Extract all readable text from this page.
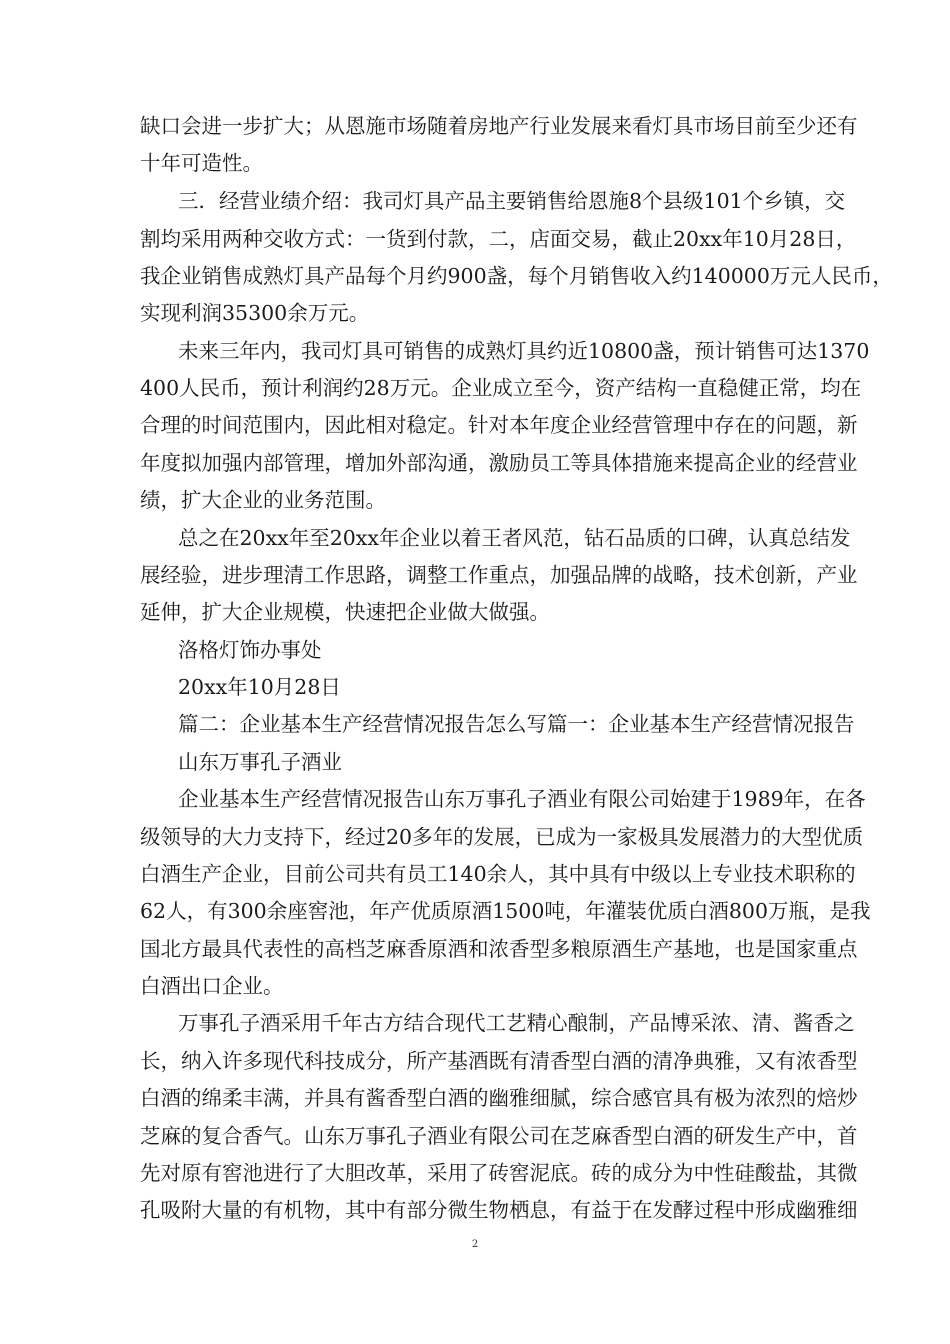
缺口会进一步扩大；从恩施市场随着房地产行业发展来看灯具市场目前至少还有
十年可造性。
三．经营业绩介绍：我司灯具产品主要销售给恩施8个县级101个乡镇，交
割均采用两种交收方式：一货到付款，二，店面交易，截止20xx年10月28日，
我企业销售成熟灯具产品每个月约900盏，每个月销售收入约140000万元人民币，
实现利润35300余万元。
未来三年内，我司灯具可销售的成熟灯具约近10800盏，预计销售可达1370
400人民币，预计利润约28万元。企业成立至今，资产结构一直稳健正常，均在
合理的时间范围内，因此相对稳定。针对本年度企业经营管理中存在的问题，新
年度拟加强内部管理，增加外部沟通，激励员工等具体措施来提高企业的经营业
绩，扩大企业的业务范围。
总之在20xx年至20xx年企业以着王者风范，钻石品质的口碑，认真总结发
展经验，进步理清工作思路，调整工作重点，加强品牌的战略，技术创新，产业
延伸，扩大企业规模，快速把企业做大做强。
洛格灯饰办事处
20xx年10月28日
篇二：企业基本生产经营情况报告怎么写篇一：企业基本生产经营情况报告
山东万事孔子酒业
企业基本生产经营情况报告山东万事孔子酒业有限公司始建于1989年，在各
级领导的大力支持下，经过20多年的发展，已成为一家极具发展潜力的大型优质
白酒生产企业，目前公司共有员工140余人，其中具有中级以上专业技术职称的
62人，有300余座窖池，年产优质原酒1500吨，年灌装优质白酒800万瓶，是我
国北方最具代表性的高档芝麻香原酒和浓香型多粮原酒生产基地，也是国家重点
白酒出口企业。
万事孔子酒采用千年古方结合现代工艺精心酿制，产品博采浓、清、酱香之
长，纳入许多现代科技成分，所产基酒既有清香型白酒的清净典雅，又有浓香型
白酒的绵柔丰满，并具有酱香型白酒的幽雅细腻，综合感官具有极为浓烈的焙炒
芝麻的复合香气。山东万事孔子酒业有限公司在芝麻香型白酒的研发生产中，首
先对原有窖池进行了大胆改革，采用了砖窖泥底。砖的成分为中性硅酸盐，其微
孔吸附大量的有机物，其中有部分微生物栖息，有益于在发酵过程中形成幽雅细
2
